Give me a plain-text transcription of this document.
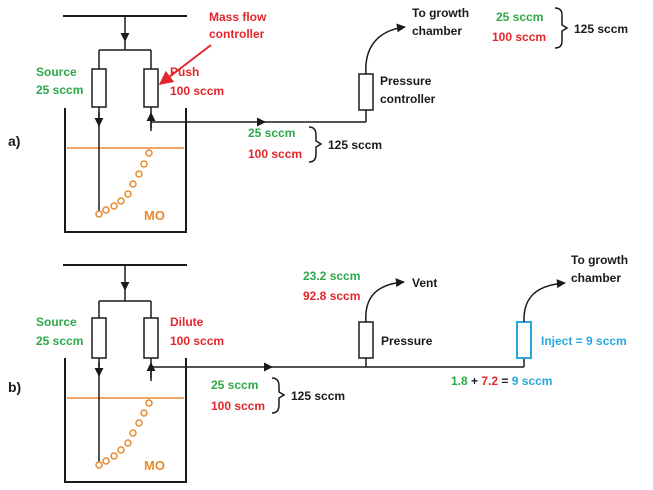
a)
MO
Mass flow
controller
Source
25 sccm
Push
100 sccm
25 sccm
100 sccm
125 sccm
Pressure
controller
To growth
chamber
25 sccm
100 sccm
125 sccm
b)
MO
Source
25 sccm
Dilute
100 sccm
25 sccm
100 sccm
125 sccm
23.2 sccm
92.8 sccm
Vent
Pressure
To growth
chamber
Inject = 9 sccm
1.8 + 7.2 = 9 sccm
